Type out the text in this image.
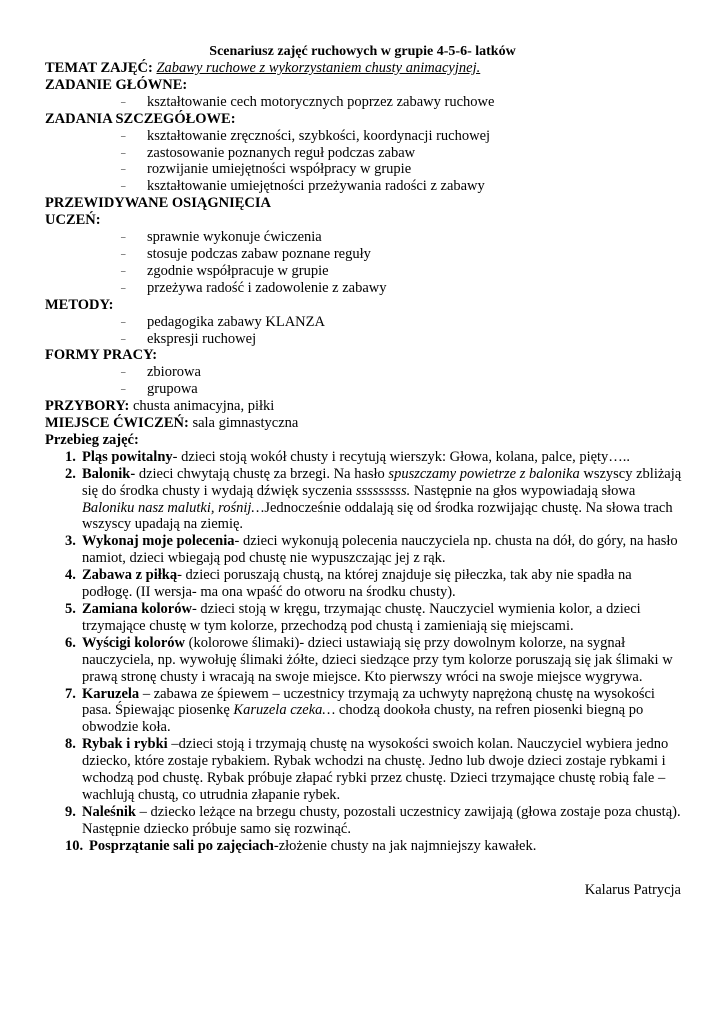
Scenariusz zajęć ruchowych w grupie 4-5-6- latków

TEMAT ZAJĘĆ: Zabawy ruchowe z wykorzystaniem chusty animacyjnej.

ZADANIE GŁÓWNE:

– kształtowanie cech motorycznych poprzez zabawy ruchowe

ZADANIA SZCZEGÓŁOWE:

– kształtowanie zręczności, szybkości, koordynacji ruchowej
– zastosowanie poznanych reguł podczas zabaw
– rozwijanie umiejętności współpracy w grupie
– kształtowanie umiejętności przeżywania radości z zabawy

PRZEWIDYWANE OSIĄGNIĘCIA

UCZEŃ:

– sprawnie wykonuje ćwiczenia
– stosuje podczas zabaw poznane reguły
– zgodnie współpracuje w grupie
– przeżywa radość i zadowolenie z zabawy

METODY:

– pedagogika zabawy KLANZA
– ekspresji ruchowej

FORMY PRACY:

– zbiorowa
– grupowa

PRZYBORY: chusta animacyjna, piłki

MIEJSCE ĆWICZEŃ: sala gimnastyczna

Przebieg zajęć:

1. Pląs powitalny- dzieci stoją wokół chusty i recytują wierszyk: Głowa, kolana, palce, pięty…..
2. Balonik- dzieci chwytają chustę za brzegi. Na hasło spuszczamy powietrze z balonika wszyscy zbliżają się do środka chusty i wydają dźwięk syczenia sssssssss. Następnie na głos wypowiadają słowa Baloniku nasz malutki, rośnij…Jednocześnie oddalają się od środka rozwijając chustę. Na słowa trach wszyscy upadają na ziemię.
3. Wykonaj moje polecenia- dzieci wykonują polecenia nauczyciela np. chusta na dół, do góry, na hasło namiot, dzieci wbiegają pod chustę nie wypuszczając jej z rąk.
4. Zabawa z piłką- dzieci poruszają chustą, na której znajduje się piłeczka, tak aby nie spadła na podłogę. (II wersja- ma ona wpaść do otworu na środku chusty).
5. Zamiana kolorów- dzieci stoją w kręgu, trzymając chustę. Nauczyciel wymienia kolor, a dzieci trzymające chustę w tym kolorze, przechodzą pod chustą i zamieniają się miejscami.
6. Wyścigi kolorów (kolorowe ślimaki)- dzieci ustawiają się przy dowolnym kolorze, na sygnał nauczyciela, np. wywołuję ślimaki żółte, dzieci siedzące przy tym kolorze poruszają się jak ślimaki w prawą stronę chusty i wracają na swoje miejsce. Kto pierwszy wróci na swoje miejsce wygrywa.
7. Karuzela – zabawa ze śpiewem – uczestnicy trzymają za uchwyty naprężoną chustę na wysokości pasa. Śpiewając piosenkę Karuzela czeka… chodzą dookoła chusty, na refren piosenki biegną po obwodzie koła.
8. Rybak i rybki –dzieci stoją i trzymają chustę na wysokości swoich kolan. Nauczyciel wybiera jedno dziecko, które zostaje rybakiem. Rybak wchodzi na chustę. Jedno lub dwoje dzieci zostaje rybkami i wchodzą pod chustę. Rybak próbuje złapać rybki przez chustę. Dzieci trzymające chustę robią fale – wachlują chustą, co utrudnia złapanie rybek.
9. Naleśnik – dziecko leżące na brzegu chusty, pozostali uczestnicy zawijają (głowa zostaje poza chustą). Następnie dziecko próbuje samo się rozwinąć.
10. Posprzątanie sali po zajęciach-złożenie chusty na jak najmniejszy kawałek.
Kalarus Patrycja
